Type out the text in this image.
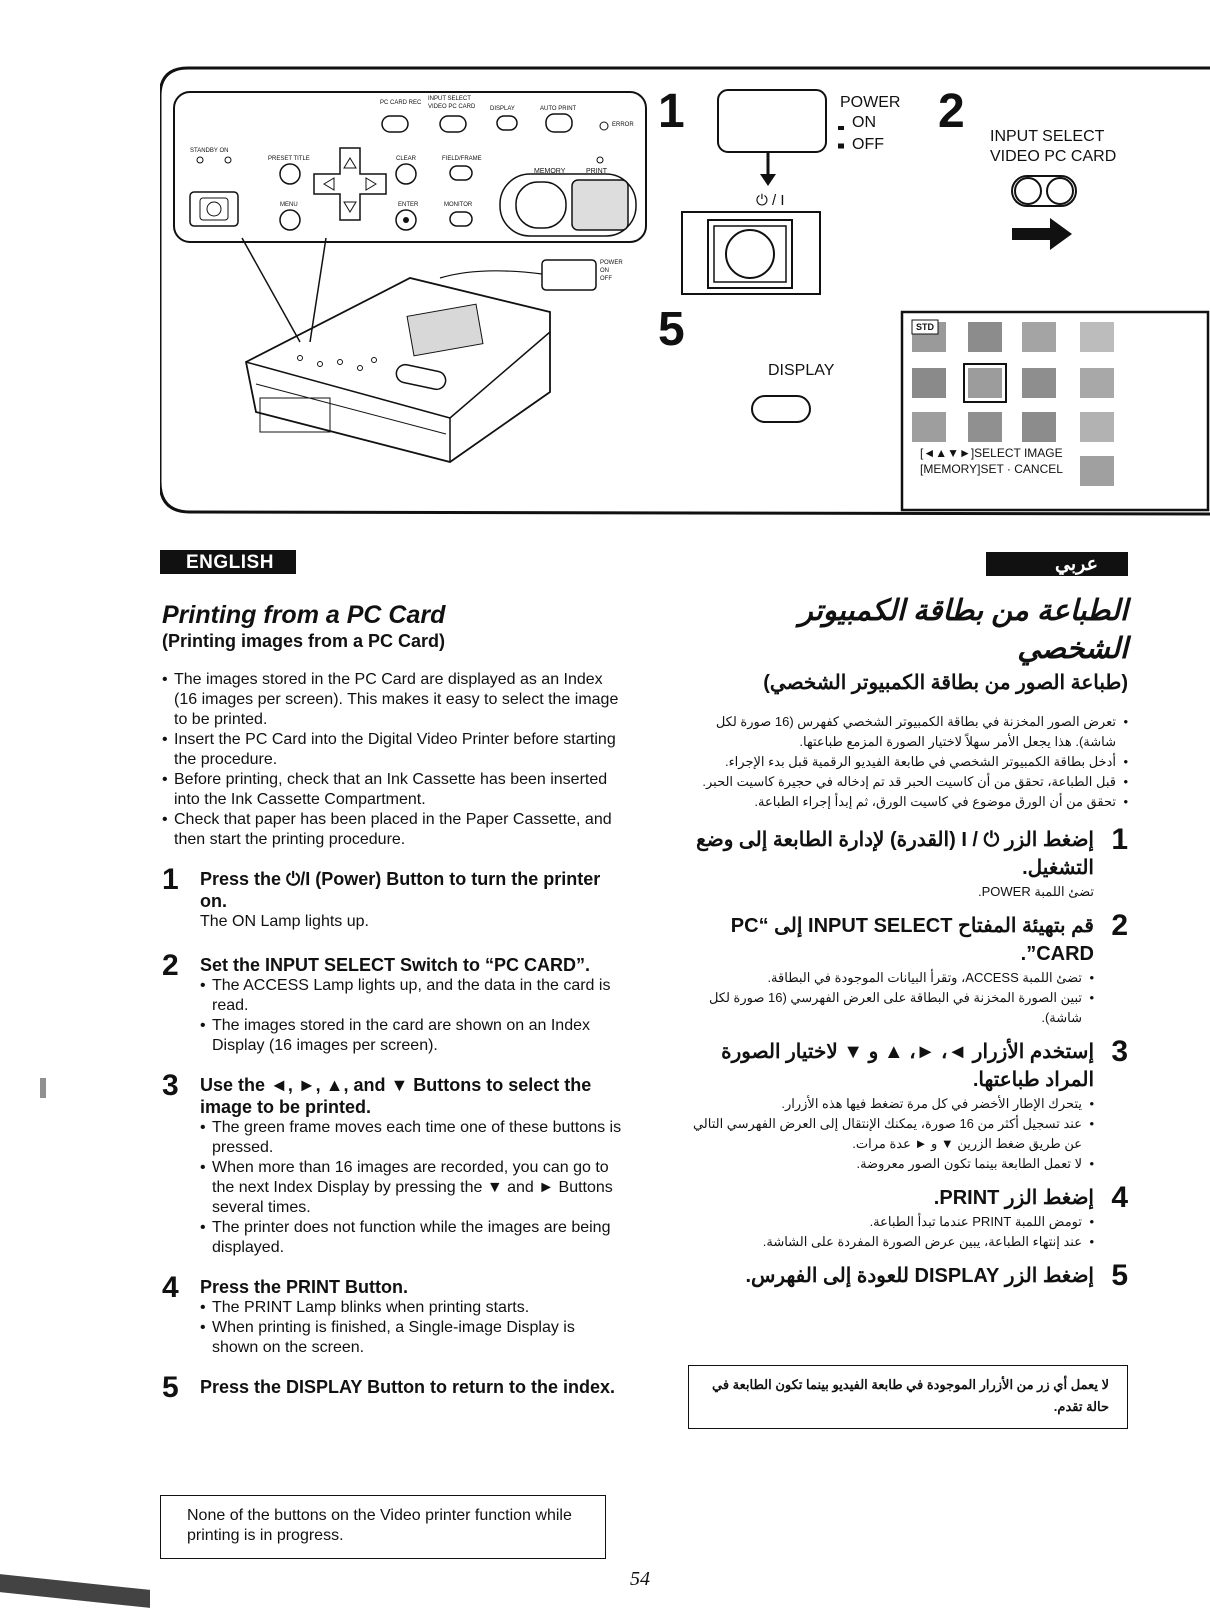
PC CARD REC
INPUT SELECT
VIDEO PC CARD DISPLAY	AUTO PRINT
ERROR
STANDBY ON
PRESET TITLE	CLEAR	FIELD/FRAME
MENU	ENTER	MONITOR
MEMORY	PRINT
POWER
ON
OFF
1	POWER
ON
OFF
⏻ / I
2 INPUT SELECT
VIDEO PC CARD
5
DISPLAY
STD
[◄▲▼►]SELECT IMAGE
[MEMORY]SET · CANCEL
ENGLISH	عربي
Printing from a PC Card
(Printing images from a PC Card)

• The images stored in the PC Card are displayed as an Index (16 images per screen). This makes it easy to select the image to be printed.

• Insert the PC Card into the Digital Video Printer before starting the procedure.

• Before printing, check that an Ink Cassette has been inserted into the Ink Cassette Compartment.

• Check that paper has been placed in the Paper Cassette, and then start the printing procedure.

1 Press the ⏻/I (Power) Button to turn the printer on.

The ON Lamp lights up.

2 Set the INPUT SELECT Switch to “PC CARD”.

• The ACCESS Lamp lights up, and the data in the card is read.

• The images stored in the card are shown on an Index Display (16 images per screen).

3 Use the ◄, ►, ▲, and ▼ Buttons to select the image to be printed.

• The green frame moves each time one of these buttons is pressed.

• When more than 16 images are recorded, you can go to the next Index Display by pressing the ▼ and ► Buttons several times.

• The printer does not function while the images are being displayed.

4 Press the PRINT Button.

• The PRINT Lamp blinks when printing starts.

• When printing is finished, a Single-image Display is shown on the screen.

5 Press the DISPLAY Button to return to the index.

None of the buttons on the Video printer function while printing is in progress.
الطباعة من بطاقة الكمبيوتر الشخصي
(طباعة الصور من بطاقة الكمبيوتر الشخصي)

• تعرض الصور المخزنة في بطاقة الكمبيوتر الشخصي كفهرس (16 صورة لكل شاشة). هذا يجعل الأمر سهلاً لاختيار الصورة المزمع طباعتها.

• أدخل بطاقة الكمبيوتر الشخصي في طابعة الفيديو الرقمية قبل بدء الإجراء.

• قبل الطباعة، تحقق من أن كاسيت الحبر قد تم إدخاله في حجيرة كاسيت الحبر.

• تحقق من أن الورق موضوع في كاسيت الورق، ثم إبدأ إجراء الطباعة.

1

إضغط الزر ⏻ / I (القدرة) لإدارة الطابعة إلى وضع التشغيل.

تضئ اللمبة POWER.

2

قم بتهيئة المفتاح INPUT SELECT إلى “PC CARD”.

• تضئ اللمبة ACCESS، وتقرأ البيانات الموجودة في البطاقة.

• تبين الصورة المخزنة في البطاقة على العرض الفهرسي (16 صورة لكل شاشة).

3

إستخدم الأزرار ◄، ►، ▲ و ▼ لاختيار الصورة المراد طباعتها.

• يتحرك الإطار الأخضر في كل مرة تضغط فيها هذه الأزرار.

• عند تسجيل أكثر من 16 صورة، يمكنك الإنتقال إلى العرض الفهرسي التالي عن طريق ضغط الزرين ▼ و ► عدة مرات.

• لا تعمل الطابعة بينما تكون الصور معروضة.

4

إضغط الزر PRINT.

• تومض اللمبة PRINT عندما تبدأ الطباعة.

• عند إنتهاء الطباعة، يبين عرض الصورة المفردة على الشاشة.

5

إضغط الزر DISPLAY للعودة إلى الفهرس.

لا يعمل أي زر من الأزرار الموجودة في طابعة الفيديو بينما تكون الطابعة في حالة تقدم.
54
